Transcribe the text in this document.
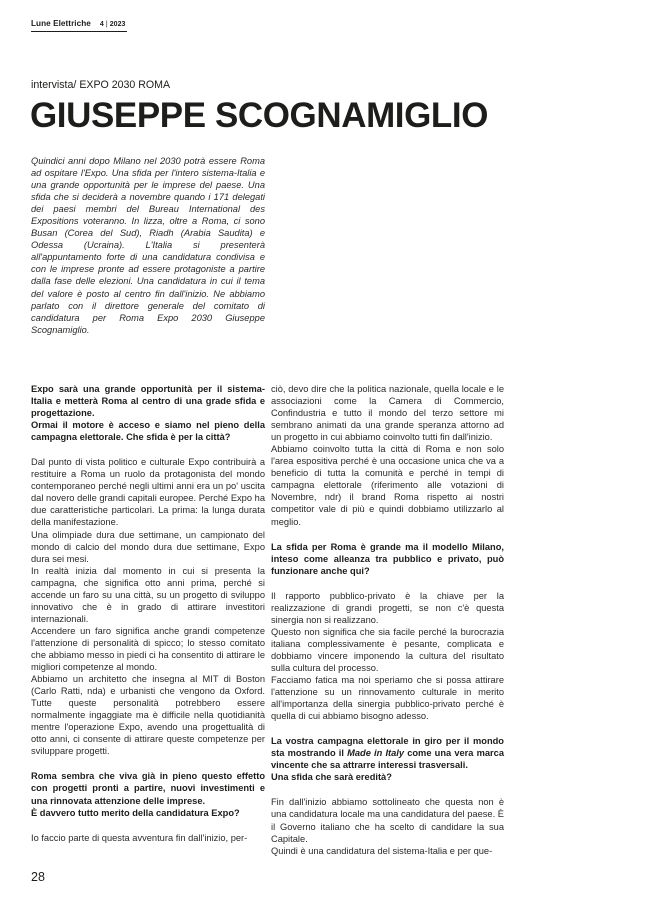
Lune Elettriche 4 | 2023
intervista/ EXPO 2030 ROMA
GIUSEPPE SCOGNAMIGLIO
Quindici anni dopo Milano nel 2030 potrà essere Roma ad ospitare l'Expo. Una sfida per l'intero sistema-Italia e una grande opportunità per le imprese del paese. Una sfida che si deciderà a novembre quando i 171 delegati dei paesi membri del Bureau International des Expositions voteranno. In lizza, oltre a Roma, ci sono Busan (Corea del Sud), Riadh (Arabia Saudita) e Odessa (Ucraina). L'Italia si presenterà all'appuntamento forte di una candidatura condivisa e con le imprese pronte ad essere protagoniste a partire dalla fase delle elezioni. Una candidatura in cui il tema del valore è posto al centro fin dall'inizio. Ne abbiamo parlato con il direttore generale del comitato di candidatura per Roma Expo 2030 Giuseppe Scognamiglio.

Expo sarà una grande opportunità per il sistema-Italia e metterà Roma al centro di una grade sfida e progettazione.
Ormai il motore è acceso e siamo nel pieno della campagna elettorale. Che sfida è per la città?

Dal punto di vista politico e culturale Expo contribuirà a restituire a Roma un ruolo da protagonista del mondo contemporaneo perché negli ultimi anni era un po' uscita dal novero delle grandi capitali europee. Perché Expo ha due caratteristiche particolari. La prima: la lunga durata della manifestazione.
Una olimpiade dura due settimane, un campionato del mondo di calcio del mondo dura due settimane, Expo dura sei mesi.
In realtà inizia dal momento in cui si presenta la campagna, che significa otto anni prima, perché si accende un faro su una città, su un progetto di sviluppo innovativo che è in grado di attirare investitori internazionali.
Accendere un faro significa anche grandi competenze l'attenzione di personalità di spicco; lo stesso comitato che abbiamo messo in piedi ci ha consentito di attirare le migliori competenze al mondo.
Abbiamo un architetto che insegna al MIT di Boston (Carlo Ratti, nda) e urbanisti che vengono da Oxford. Tutte queste personalità potrebbero essere normalmente ingaggiate ma è difficile nella quotidianità mentre l'operazione Expo, avendo una progettualità di otto anni, ci consente di attirare queste competenze per sviluppare progetti.

Roma sembra che viva già in pieno questo effetto con progetti pronti a partire, nuovi investimenti e una rinnovata attenzione delle imprese.
È davvero tutto merito della candidatura Expo?

Io faccio parte di questa avventura fin dall'inizio, per-

ciò, devo dire che la politica nazionale, quella locale e le associazioni come la Camera di Commercio, Confindustria e tutto il mondo del terzo settore mi sembrano animati da una grande speranza attorno ad un progetto in cui abbiamo coinvolto tutti fin dall'inizio.
Abbiamo coinvolto tutta la città di Roma e non solo l'area espositiva perché è una occasione unica che va a beneficio di tutta la comunità e perché in tempi di campagna elettorale (riferimento alle votazioni di Novembre, ndr) il brand Roma rispetto ai nostri competitor vale di più e quindi dobbiamo utilizzarlo al meglio.

La sfida per Roma è grande ma il modello Milano, inteso come alleanza tra pubblico e privato, può funzionare anche qui?

Il rapporto pubblico-privato è la chiave per la realizzazione di grandi progetti, se non c'è questa sinergia non si realizzano.
Questo non significa che sia facile perché la burocrazia italiana complessivamente è pesante, complicata e dobbiamo vincere imponendo la cultura del risultato sulla cultura del processo.
Facciamo fatica ma noi speriamo che si possa attirare l'attenzione su un rinnovamento culturale in merito all'importanza della sinergia pubblico-privato perché è quella di cui abbiamo bisogno adesso.

La vostra campagna elettorale in giro per il mondo sta mostrando il Made in Italy come una vera marca vincente che sa attrarre interessi trasversali.
Una sfida che sarà eredità?

Fin dall'inizio abbiamo sottolineato che questa non è una candidatura locale ma una candidatura del paese. È il Governo italiano che ha scelto di candidare la sua Capitale.
Quindi è una candidatura del sistema-Italia e per que-

28
